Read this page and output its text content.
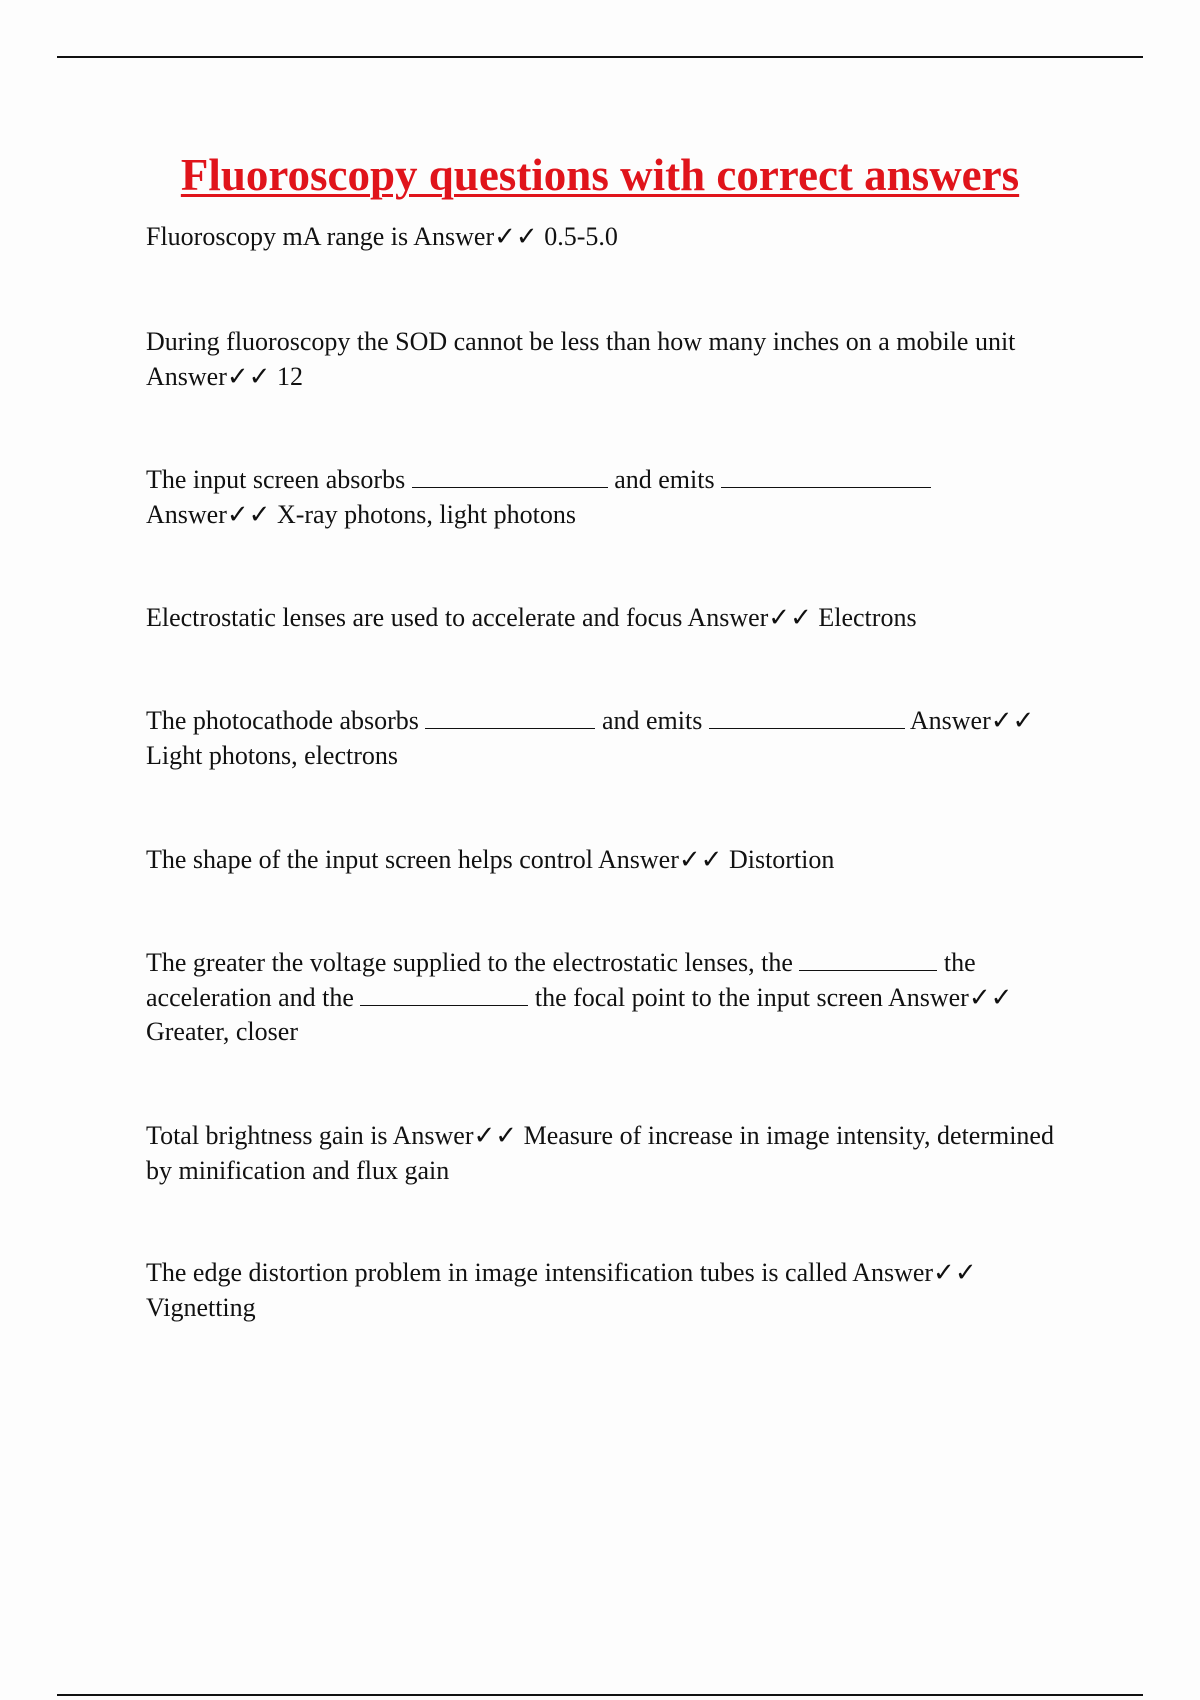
Fluoroscopy questions with correct answers

Fluoroscopy mA range is Answer✓✓ 0.5-5.0

During fluoroscopy the SOD cannot be less than how many inches on a mobile unit Answer✓✓ 12

The input screen absorbs	and emits
Answer✓✓ X-ray photons, light photons

Electrostatic lenses are used to accelerate and focus Answer✓✓ Electrons

The photocathode absorbs	and emits	Answer✓✓
Light photons, electrons

The shape of the input screen helps control Answer✓✓ Distortion

The greater the voltage supplied to the electrostatic lenses, the	the acceleration and the	the focal point to the input screen Answer✓✓
Greater, closer

Total brightness gain is Answer✓✓ Measure of increase in image intensity, determined by minification and flux gain

The edge distortion problem in image intensification tubes is called Answer✓✓ Vignetting
